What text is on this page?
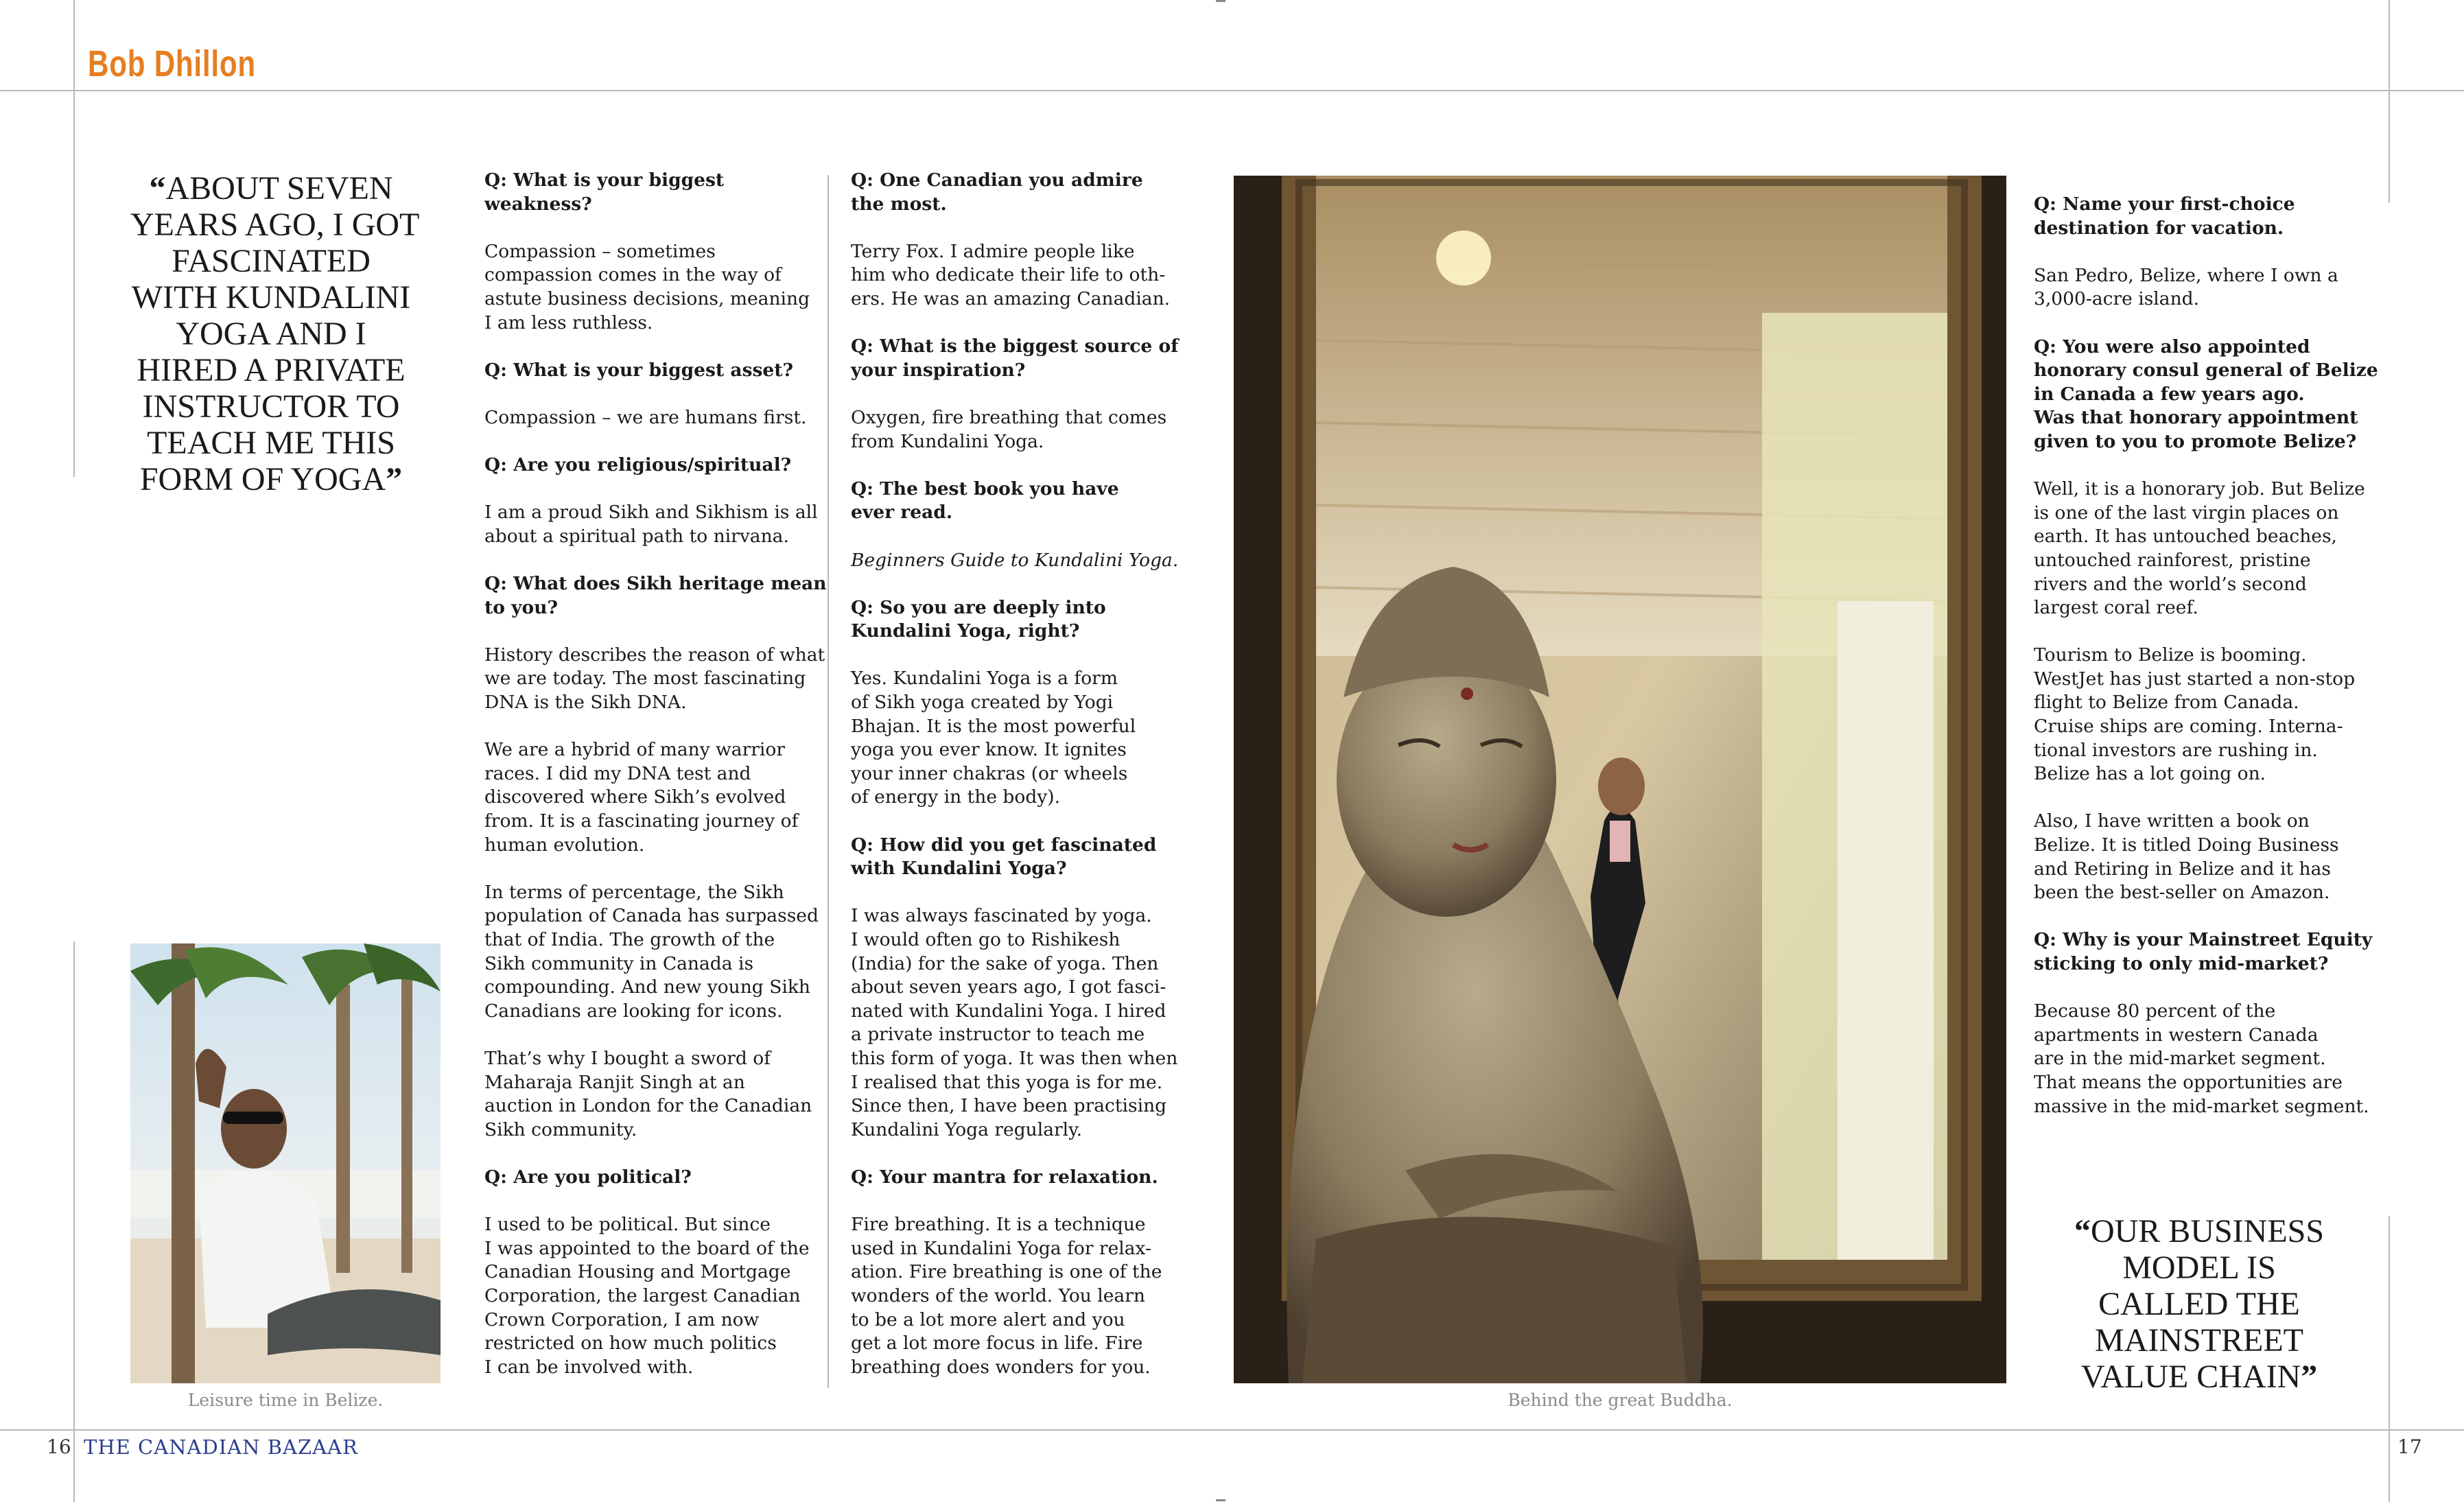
Bob Dhillon
“ABOUT SEVEN
YEARS AGO, I GOT
FASCINATED
WITH KUNDALINI
YOGA AND I
HIRED A PRIVATE
INSTRUCTOR TO
TEACH ME THIS
FORM OF YOGA”
Leisure time in Belize.

Q: What is your biggest
weakness?

Compassion – sometimes
compassion comes in the way of
astute business decisions, meaning
I am less ruthless.

Q: What is your biggest asset?

Compassion – we are humans first.

Q: Are you religious/spiritual?

I am a proud Sikh and Sikhism is all
about a spiritual path to nirvana.

Q: What does Sikh heritage mean
to you?

History describes the reason of what
we are today. The most fascinating
DNA is the Sikh DNA.

We are a hybrid of many warrior
races. I did my DNA test and
discovered where Sikh’s evolved
from. It is a fascinating journey of
human evolution.

In terms of percentage, the Sikh
population of Canada has surpassed
that of India. The growth of the
Sikh community in Canada is
compounding. And new young Sikh
Canadians are looking for icons.

That’s why I bought a sword of
Maharaja Ranjit Singh at an
auction in London for the Canadian
Sikh community.

Q: Are you political?

I used to be political. But since
I was appointed to the board of the
Canadian Housing and Mortgage
Corporation, the largest Canadian
Crown Corporation, I am now
restricted on how much politics
I can be involved with.

Q: One Canadian you admire
the most.

Terry Fox. I admire people like
him who dedicate their life to oth-
ers. He was an amazing Canadian.

Q: What is the biggest source of
your inspiration?

Oxygen, fire breathing that comes
from Kundalini Yoga.

Q: The best book you have
ever read.

Beginners Guide to Kundalini Yoga.

Q: So you are deeply into
Kundalini Yoga, right?

Yes. Kundalini Yoga is a form
of Sikh yoga created by Yogi
Bhajan. It is the most powerful
yoga you ever know. It ignites
your inner chakras (or wheels
of energy in the body).

Q: How did you get fascinated
with Kundalini Yoga?

I was always fascinated by yoga.
I would often go to Rishikesh
(India) for the sake of yoga. Then
about seven years ago, I got fasci-
nated with Kundalini Yoga. I hired
a private instructor to teach me
this form of yoga. It was then when
I realised that this yoga is for me.
Since then, I have been practising
Kundalini Yoga regularly.

Q: Your mantra for relaxation.

Fire breathing. It is a technique
used in Kundalini Yoga for relax-
ation. Fire breathing is one of the
wonders of the world. You learn
to be a lot more alert and you
get a lot more focus in life. Fire
breathing does wonders for you.

Behind the great Buddha.

Q: Name your first-choice
destination for vacation.

San Pedro, Belize, where I own a
3,000-acre island.

Q: You were also appointed
honorary consul general of Belize
in Canada a few years ago.
Was that honorary appointment
given to you to promote Belize?

Well, it is a honorary job. But Belize
is one of the last virgin places on
earth. It has untouched beaches,
untouched rainforest, pristine
rivers and the world’s second
largest coral reef.

Tourism to Belize is booming.
WestJet has just started a non-stop
flight to Belize from Canada.
Cruise ships are coming. Interna-
tional investors are rushing in.
Belize has a lot going on.

Also, I have written a book on
Belize. It is titled Doing Business
and Retiring in Belize and it has
been the best-seller on Amazon.

Q: Why is your Mainstreet Equity
sticking to only mid-market?

Because 80 percent of the
apartments in western Canada
are in the mid-market segment.
That means the opportunities are
massive in the mid-market segment.

“OUR BUSINESS
MODEL IS
CALLED THE
MAINSTREET
VALUE CHAIN”
16 THE CANADIAN BAZAAR	17
